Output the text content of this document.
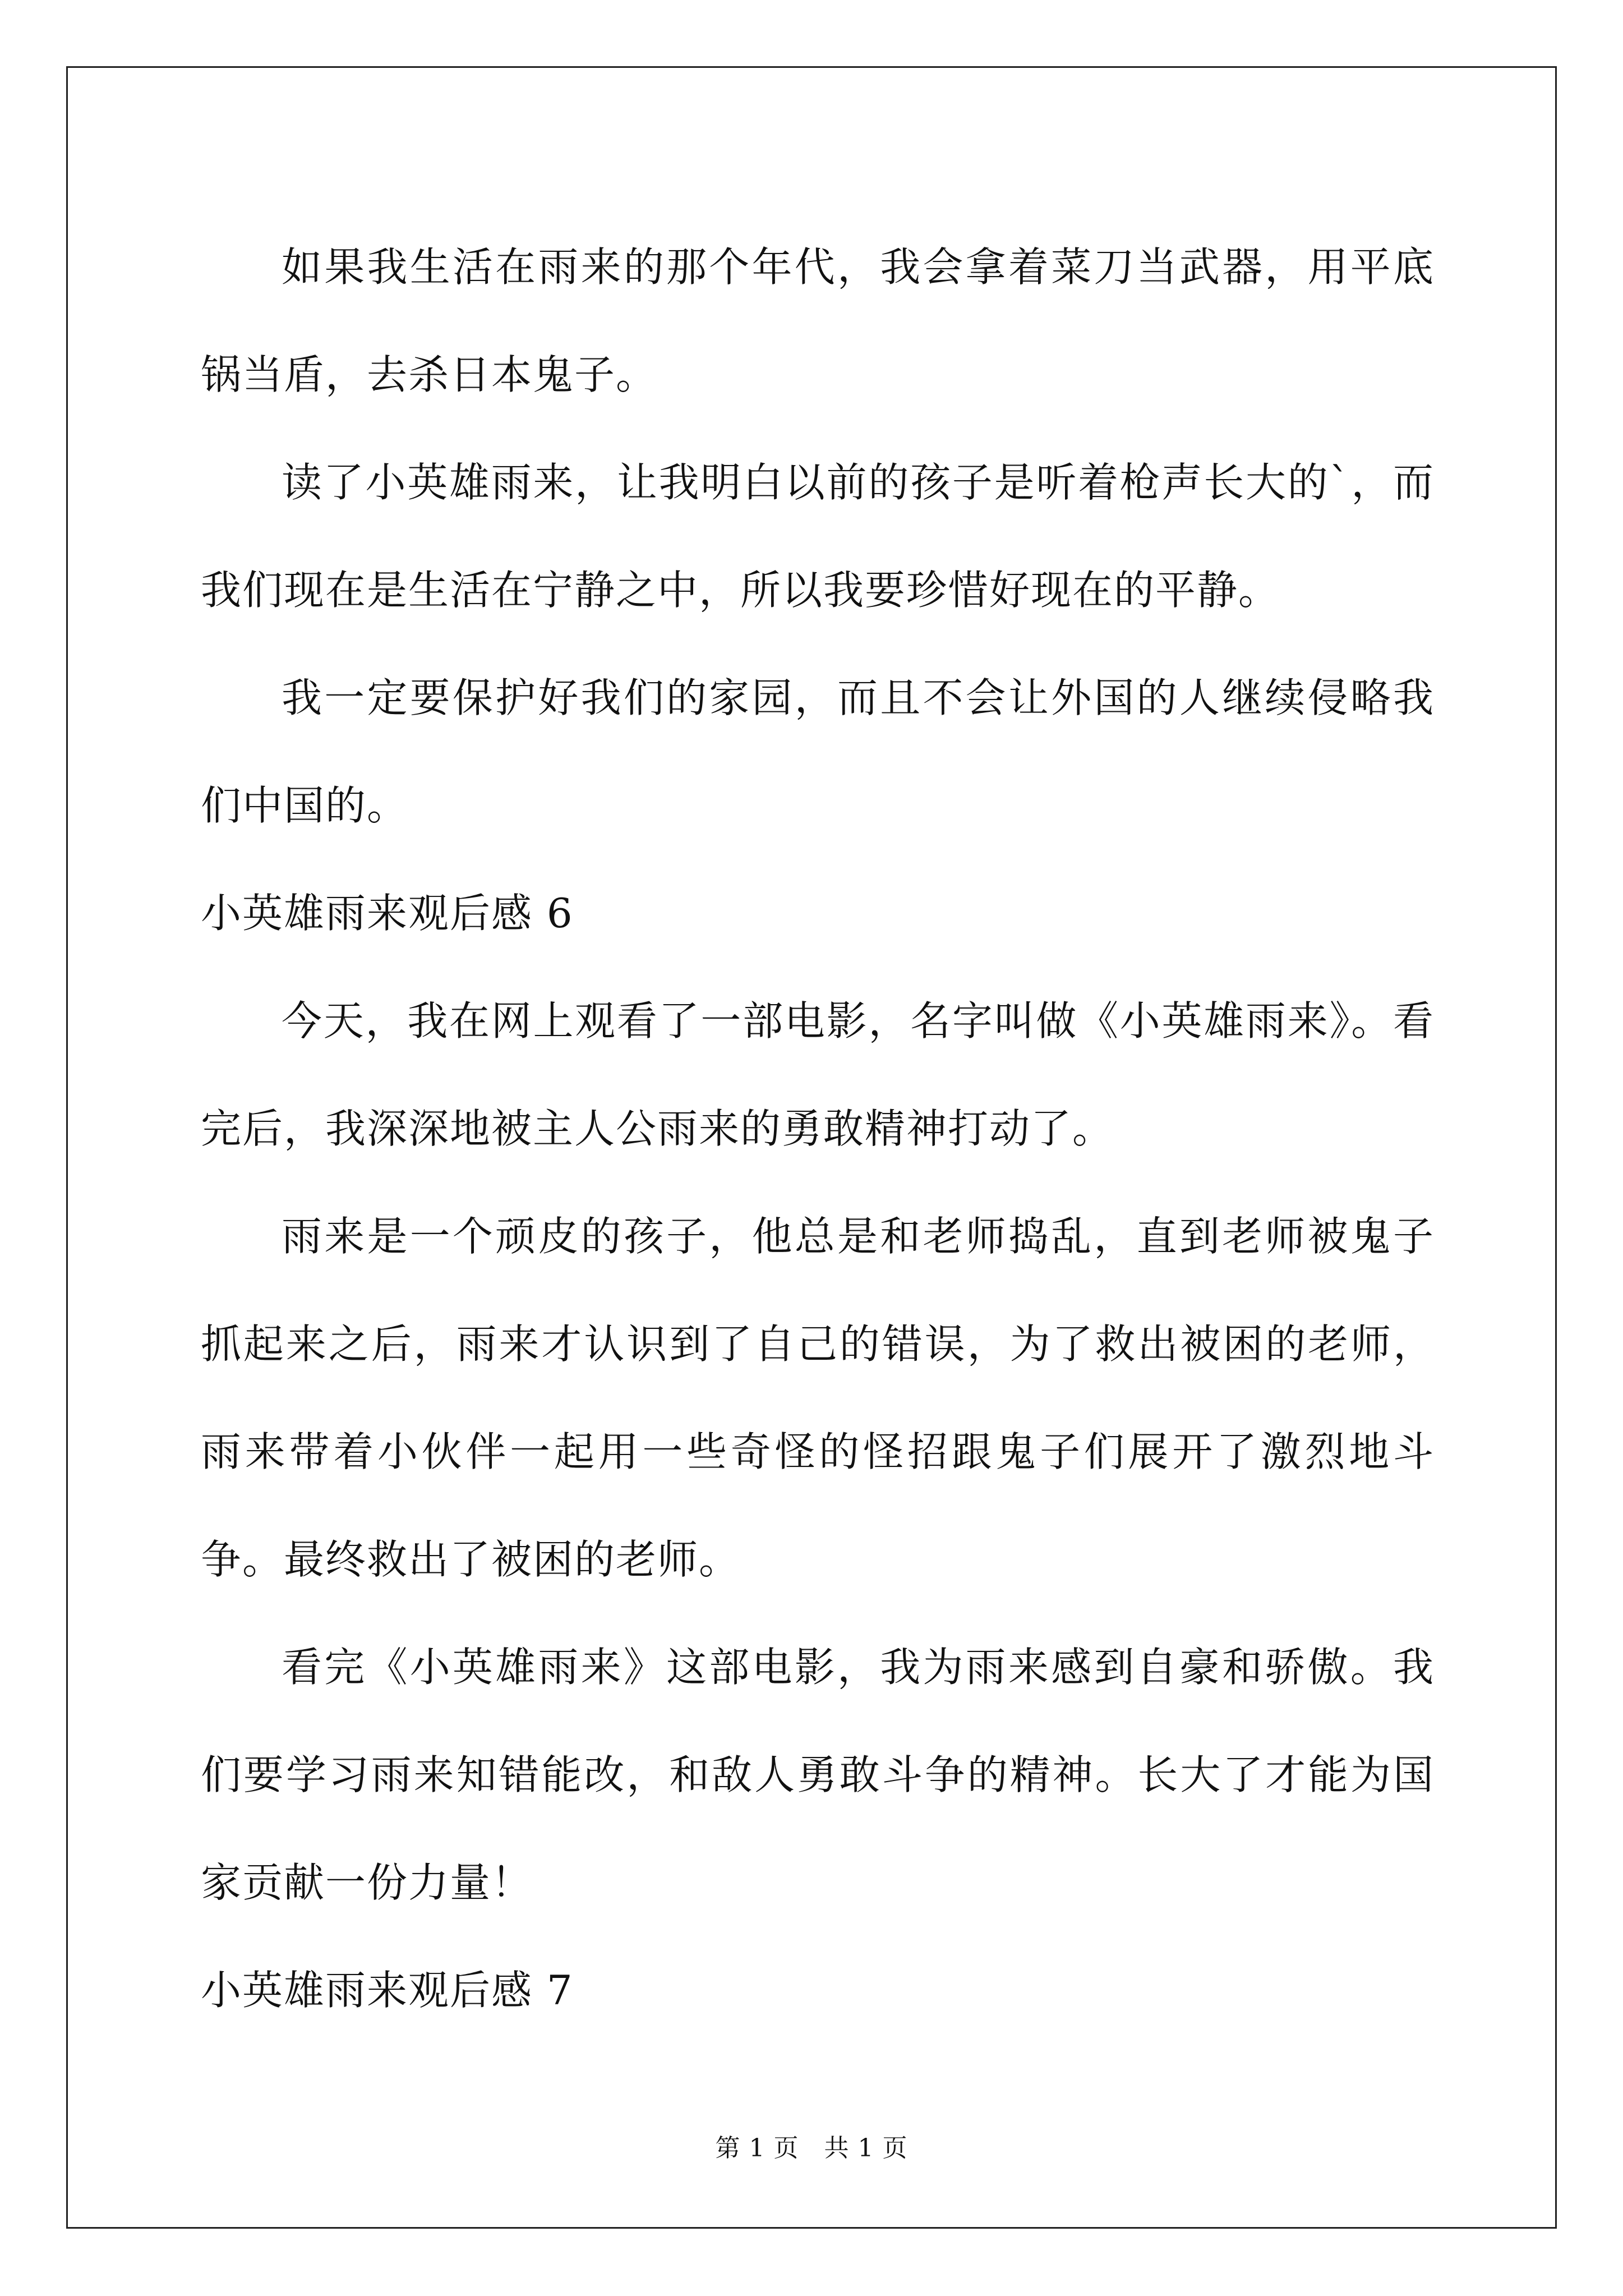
如果我生活在雨来的那个年代，我会拿着菜刀当武器，用平底锅当盾，去杀日本鬼子。

读了小英雄雨来，让我明白以前的孩子是听着枪声长大的`，而我们现在是生活在宁静之中，所以我要珍惜好现在的平静。

我一定要保护好我们的家园，而且不会让外国的人继续侵略我们中国的。

小英雄雨来观后感 6

今天，我在网上观看了一部电影，名字叫做《小英雄雨来》。看完后，我深深地被主人公雨来的勇敢精神打动了。

雨来是一个顽皮的孩子，他总是和老师捣乱，直到老师被鬼子抓起来之后，雨来才认识到了自己的错误，为了救出被困的老师，雨来带着小伙伴一起用一些奇怪的怪招跟鬼子们展开了激烈地斗争。最终救出了被困的老师。

看完《小英雄雨来》这部电影，我为雨来感到自豪和骄傲。我们要学习雨来知错能改，和敌人勇敢斗争的精神。长大了才能为国家贡献一份力量！

小英雄雨来观后感 7

第 1 页　共 1 页
